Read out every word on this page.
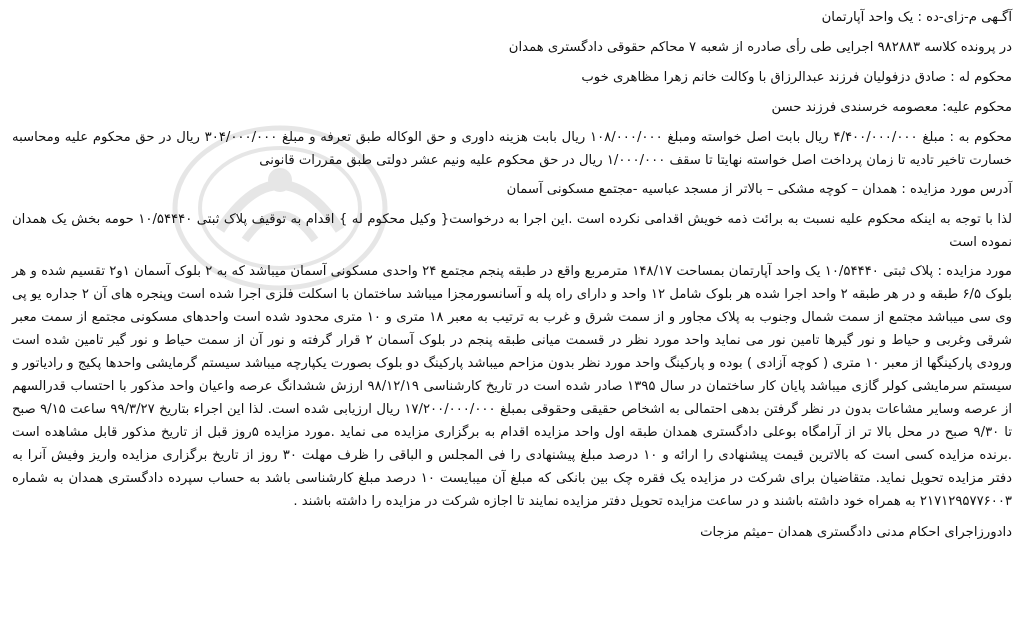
آگـهی م-زای-ده : یک واحد آپارتمان
در پرونده کلاسه ۹۸۲۸۸۳ اجرایی طی رأی صادره از شعبه ۷ محاکم حقوقی دادگستری همدان
محکوم له : صادق دزفولیان فرزند عبدالرزاق با وکالت خانم زهرا مظاهری خوب
محکوم علیه: معصومه خرسندی فرزند حسن
محکوم به : مبلغ ۴/۴۰۰/۰۰۰/۰۰۰ ریال بابت اصل خواسته ومبلغ ۱۰۸/۰۰۰/۰۰۰ ریال بابت هزینه داوری و حق الوکاله طبق تعرفه و مبلغ ۳۰۴/۰۰۰/۰۰۰ ریال در حق محکوم علیه ومحاسبه خسارت تاخیر تادیه تا زمان پرداخت اصل خواسته نهایتا تا سقف ۱/۰۰۰/۰۰۰ ریال در حق محکوم علیه ونیم عشر دولتی طبق مقررات قانونی
آدرس مورد مزایده : همدان – کوچه مشکی – بالاتر از مسجد عباسیه -مجتمع مسکونی آسمان
لذا با توجه به اینکه محکوم علیه نسبت به برائت ذمه خویش اقدامی نکرده است .این اجرا به درخواست{ وکیل محکوم له } اقدام به توقیف پلاک ثبتی ۱۰/۵۴۴۴۰ حومه بخش یک همدان نموده است
مورد مزایده : پلاک ثبتی ۱۰/۵۴۴۴۰ یک واحد آپارتمان بمساحت ۱۴۸/۱۷ مترمربع واقع در طبقه پنجم مجتمع ۲۴ واحدی مسکونی آسمان میباشد که به ۲ بلوک آسمان ۱و۲ تقسیم شده و هر بلوک ۶/۵ طبقه و در هر طبقه ۲ واحد اجرا شده هر بلوک شامل ۱۲ واحد و دارای راه پله و آسانسورمجزا میباشد ساختمان با اسکلت فلزی اجرا شده است وپنجره های آن ۲ جداره یو پی وی سی میباشد مجتمع از سمت شمال وجنوب به پلاک مجاور و از سمت شرق و غرب به ترتیب به معبر ۱۸ متری و ۱۰ متری محدود شده است واحدهای مسکونی مجتمع از سمت معبر شرقی وغربی و حیاط و نور گیرها تامین نور می نماید واحد مورد نظر در قسمت میانی طبقه پنجم در بلوک آسمان ۲ قرار گرفته و نور آن از سمت حیاط و نور گیر تامین شده است ورودی پارکینگها از معبر ۱۰ متری ( کوچه آزادی ) بوده و پارکینگ واحد مورد نظر بدون مزاحم میباشد پارکینگ دو بلوک بصورت یکپارچه میباشد سیستم گرمایشی واحدها پکیج و رادیاتور و سیستم سرمایشی کولر گازی میباشد پایان کار ساختمان در سال ۱۳۹۵ صادر شده است در تاریخ کارشناسی ۹۸/۱۲/۱۹ ارزش ششدانگ عرصه واعیان واحد مذکور با احتساب قدرالسهم از عرصه وسایر مشاعات بدون در نظر گرفتن بدهی احتمالی به اشخاص حقیقی وحقوقی بمبلغ ۱۷/۲۰۰/۰۰۰/۰۰۰ ریال ارزیابی شده است. لذا این اجراء بتاریخ ۹۹/۳/۲۷ ساعت ۹/۱۵ صبح تا ۹/۳۰ صبح در محل بالا تر از آرامگاه بوعلی دادگستری همدان طبقه اول واحد مزایده اقدام به برگزاری مزایده می نماید .مورد مزایده ۵روز قبل از تاریخ مذکور قابل مشاهده است .برنده مزایده کسی است که بالاترین قیمت پیشنهادی را ارائه و ۱۰ درصد مبلغ پیشنهادی را فی المجلس و الباقی را ظرف مهلت ۳۰ روز از تاریخ برگزاری مزایده واریز وفیش آنرا به دفتر مزایده تحویل نماید. متقاضیان برای شرکت در مزایده یک فقره چک بین بانکی که مبلغ آن میبایست ۱۰ درصد مبلغ کارشناسی باشد به حساب سپرده دادگستری همدان به شماره ۲۱۷۱۲۹۵۷۷۶۰۰۳ به همراه خود داشته باشند و در ساعت مزایده تحویل دفتر مزایده نمایند تا اجازه شرکت در مزایده را داشته باشند .
دادورزاجرای احکام مدنی دادگستری همدان –میثم مزجات
